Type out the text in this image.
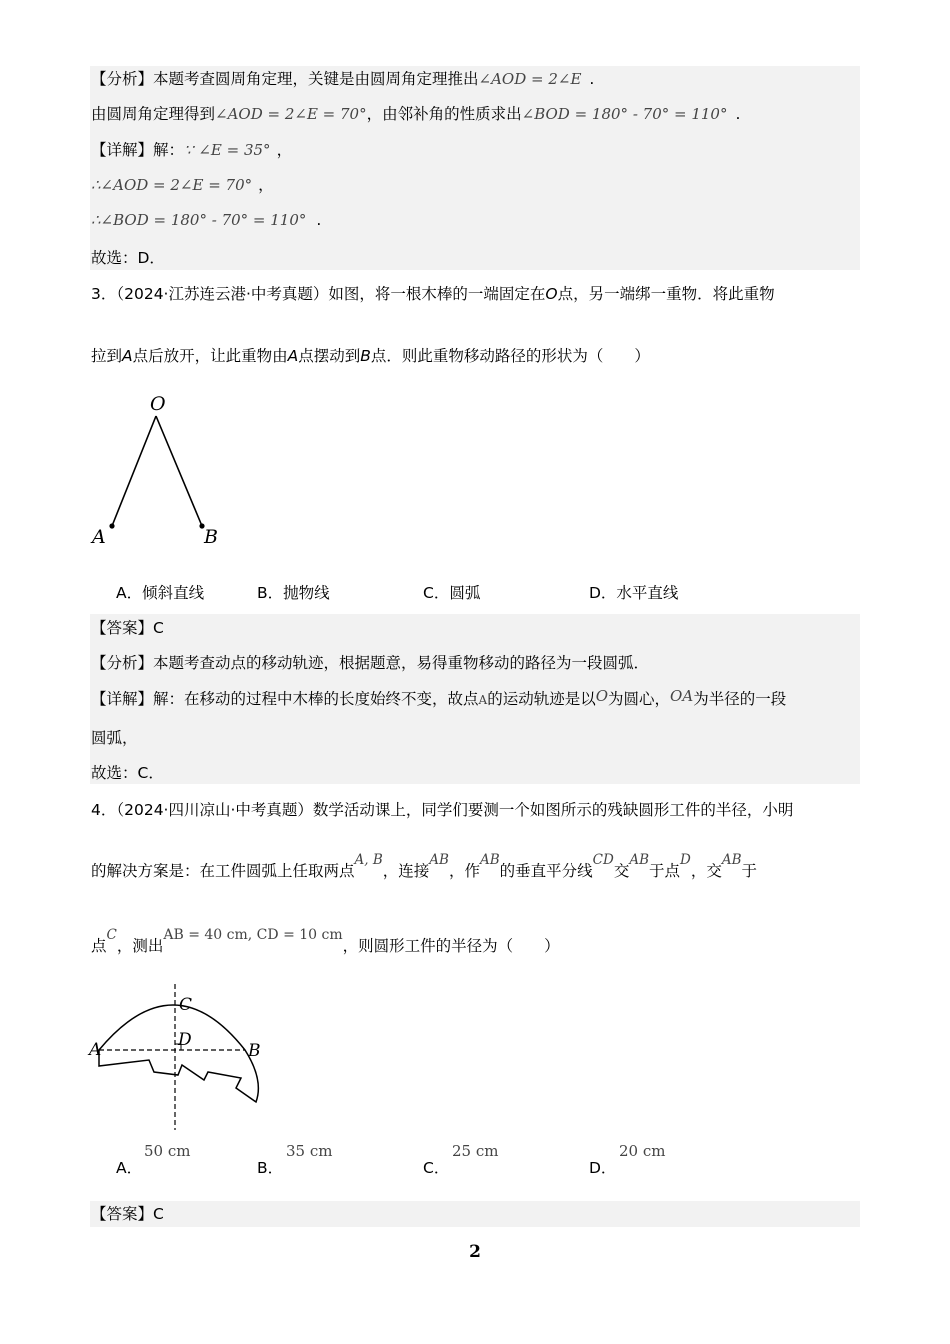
【分析】本题考查圆周角定理，关键是由圆周角定理推出∠AOD = 2∠E .
由圆周角定理得到∠AOD = 2∠E = 70°，由邻补角的性质求出∠BOD = 180° - 70° = 110° .
【详解】解：∵ ∠E = 35° ，
∴∠AOD = 2∠E = 70° ，
∴∠BOD = 180° - 70° = 110° .
故选：D．
3．（2024·江苏连云港·中考真题）如图，将一根木棒的一端固定在O点，另一端绑一重物．将此重物
拉到A点后放开，让此重物由A点摆动到B点．则此重物移动路径的形状为（　　）
O
A	B
A．倾斜直线	B．抛物线	C．圆弧	D．水平直线
【答案】C
【分析】本题考查动点的移动轨迹，根据题意，易得重物移动的路径为一段圆弧．
【详解】解：在移动的过程中木棒的长度始终不变，故点A的运动轨迹是以O为圆心，OA为半径的一段
圆弧，
故选：C．
4．（2024·四川凉山·中考真题）数学活动课上，同学们要测一个如图所示的残缺圆形工件的半径，小明
的解决方案是：在工件圆弧上任取两点A, B，连接AB，作AB的垂直平分线CD交AB于点D，交AB于
点C，测出AB = 40 cm, CD = 10 cm，则圆形工件的半径为（　　）
C
D
A	B
A．
50 cm
B．
35 cm
C．
25 cm
D．
20 cm
【答案】C
2
